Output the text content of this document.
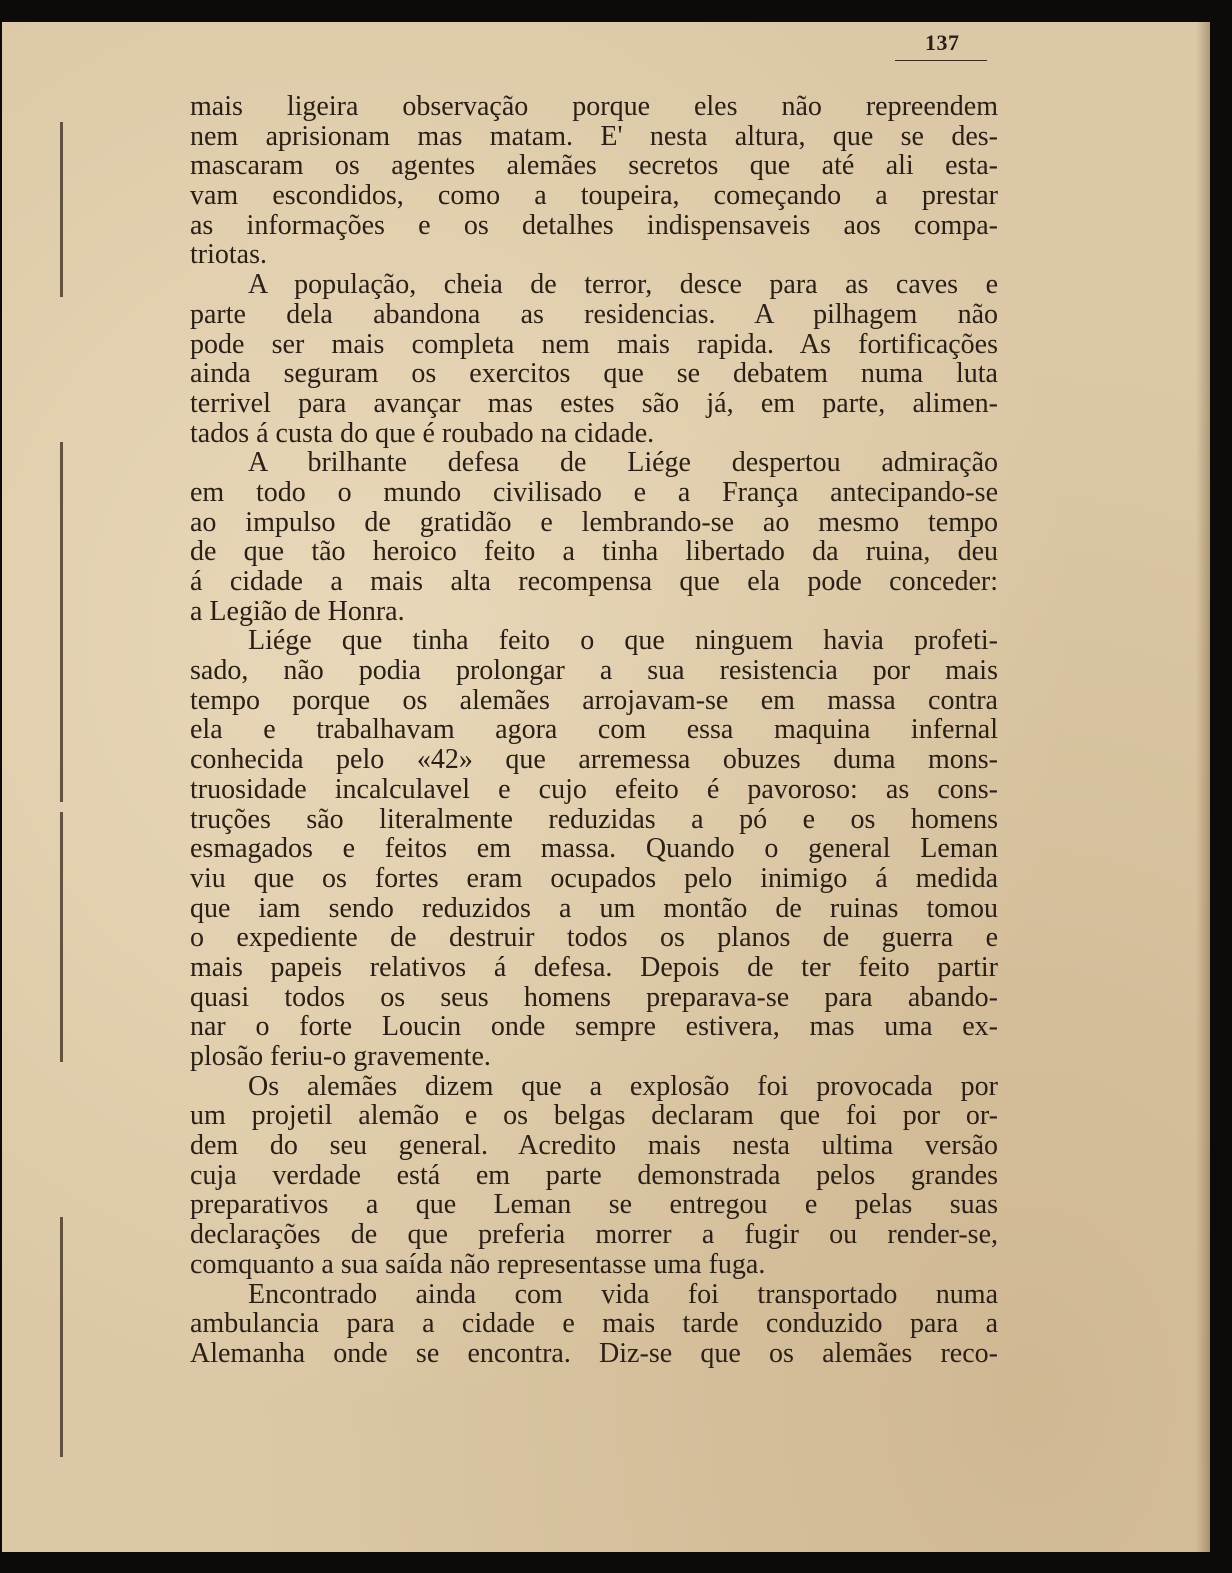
137
mais ligeira observação porque eles não repreendem
nem aprisionam mas matam. E' nesta altura, que se des-
mascaram os agentes alemães secretos que até ali esta-
vam escondidos, como a toupeira, começando a prestar
as informações e os detalhes indispensaveis aos compa-
triotas.
A população, cheia de terror, desce para as caves e
parte dela abandona as residencias. A pilhagem não
pode ser mais completa nem mais rapida. As fortificações
ainda seguram os exercitos que se debatem numa luta
terrivel para avançar mas estes são já, em parte, alimen-
tados á custa do que é roubado na cidade.
A brilhante defesa de Liége despertou admiração
em todo o mundo civilisado e a França antecipando-se
ao impulso de gratidão e lembrando-se ao mesmo tempo
de que tão heroico feito a tinha libertado da ruina, deu
á cidade a mais alta recompensa que ela pode conceder:
a Legião de Honra.
Liége que tinha feito o que ninguem havia profeti-
sado, não podia prolongar a sua resistencia por mais
tempo porque os alemães arrojavam-se em massa contra
ela e trabalhavam agora com essa maquina infernal
conhecida pelo «42» que arremessa obuzes duma mons-
truosidade incalculavel e cujo efeito é pavoroso: as cons-
truções são literalmente reduzidas a pó e os homens
esmagados e feitos em massa. Quando o general Leman
viu que os fortes eram ocupados pelo inimigo á medida
que iam sendo reduzidos a um montão de ruinas tomou
o expediente de destruir todos os planos de guerra e
mais papeis relativos á defesa. Depois de ter feito partir
quasi todos os seus homens preparava-se para abando-
nar o forte Loucin onde sempre estivera, mas uma ex-
plosão feriu-o gravemente.
Os alemães dizem que a explosão foi provocada por
um projetil alemão e os belgas declaram que foi por or-
dem do seu general. Acredito mais nesta ultima versão
cuja verdade está em parte demonstrada pelos grandes
preparativos a que Leman se entregou e pelas suas
declarações de que preferia morrer a fugir ou render-se,
comquanto a sua saída não representasse uma fuga.
Encontrado ainda com vida foi transportado numa
ambulancia para a cidade e mais tarde conduzido para a
Alemanha onde se encontra. Diz-se que os alemães reco-
